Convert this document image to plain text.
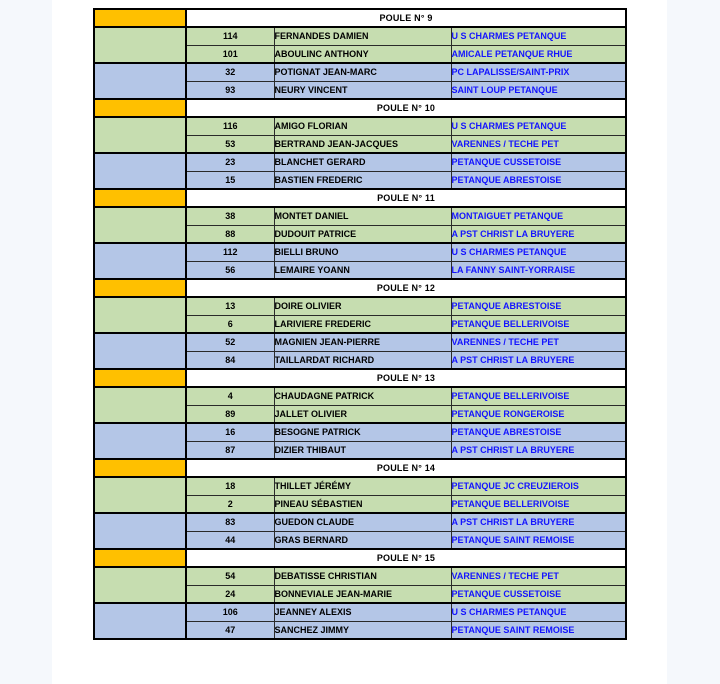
	POULE N° 9		
	114	FERNANDES DAMIEN	U S CHARMES PETANQUE
	101	ABOULINC ANTHONY	AMICALE PETANQUE RHUE
	32	POTIGNAT JEAN-MARC	PC LAPALISSE/SAINT-PRIX
	93	NEURY VINCENT	SAINT LOUP PETANQUE
	POULE N° 10		
	116	AMIGO FLORIAN	U S CHARMES PETANQUE
	53	BERTRAND JEAN-JACQUES	VARENNES / TECHE PET
	23	BLANCHET GERARD	PETANQUE CUSSETOISE
	15	BASTIEN FREDERIC	PETANQUE ABRESTOISE
	POULE N° 11		
	38	MONTET DANIEL	MONTAIGUET PETANQUE
	88	DUDOUIT PATRICE	A PST CHRIST LA BRUYERE
	112	BIELLI BRUNO	U S CHARMES PETANQUE
	56	LEMAIRE YOANN	LA FANNY SAINT-YORRAISE
	POULE N° 12		
	13	DOIRE OLIVIER	PETANQUE ABRESTOISE
	6	LARIVIERE FREDERIC	PETANQUE BELLERIVOISE
	52	MAGNIEN JEAN-PIERRE	VARENNES / TECHE PET
	84	TAILLARDAT RICHARD	A PST CHRIST LA BRUYERE
	POULE N° 13		
	4	CHAUDAGNE PATRICK	PETANQUE BELLERIVOISE
	89	JALLET OLIVIER	PETANQUE RONGEROISE
	16	BESOGNE PATRICK	PETANQUE ABRESTOISE
	87	DIZIER THIBAUT	A PST CHRIST LA BRUYERE
	POULE N° 14		
	18	THILLET JÉRÉMY	PETANQUE JC CREUZIEROIS
	2	PINEAU SÉBASTIEN	PETANQUE BELLERIVOISE
	83	GUEDON CLAUDE	A PST CHRIST LA BRUYERE
	44	GRAS BERNARD	PETANQUE SAINT REMOISE
	POULE N° 15		
	54	DEBATISSE CHRISTIAN	VARENNES / TECHE PET
	24	BONNEVIALE JEAN-MARIE	PETANQUE CUSSETOISE
	106	JEANNEY ALEXIS	U S CHARMES PETANQUE
	47	SANCHEZ JIMMY	PETANQUE SAINT REMOISE
